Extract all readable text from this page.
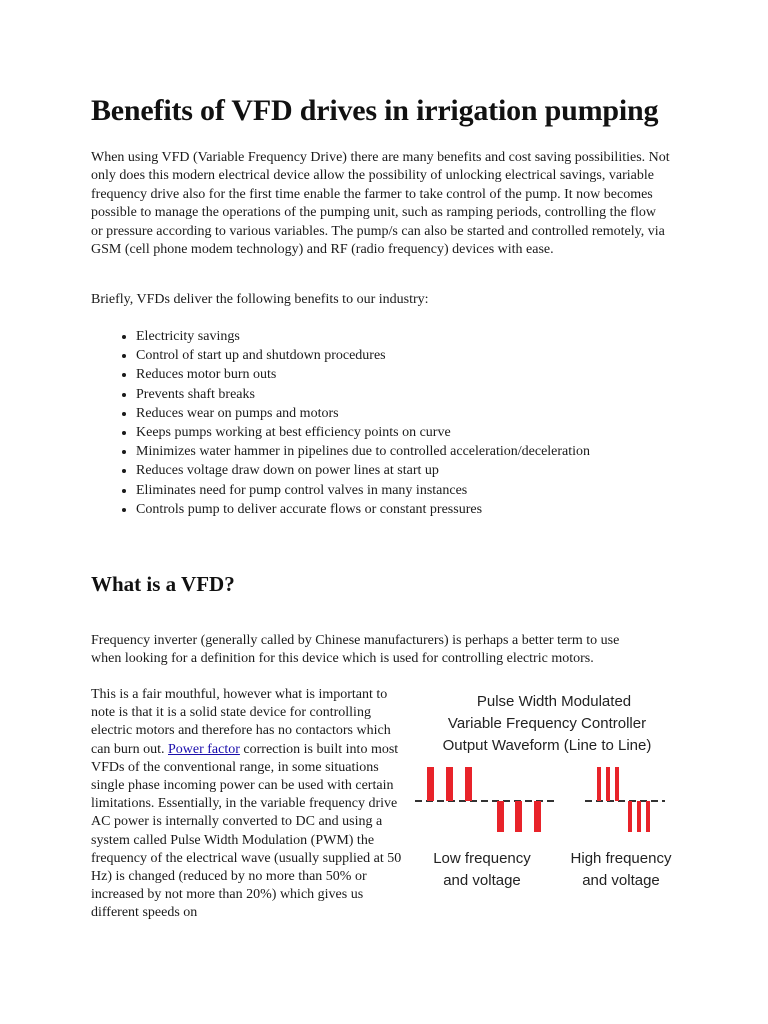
Benefits of VFD drives in irrigation pumping

When using VFD (Variable Frequency Drive) there are many benefits and cost saving possibilities. Not only does this modern electrical device allow the possibility of unlocking electrical savings, variable frequency drive also for the first time enable the farmer to take control of the pump. It now becomes possible to manage the operations of the pumping unit, such as ramping periods, controlling the flow or pressure according to various variables. The pump/s can also be started and controlled remotely, via GSM (cell phone modem technology) and RF (radio frequency) devices with ease.

Briefly, VFDs deliver the following benefits to our industry:

• Electricity savings
• Control of start up and shutdown procedures
• Reduces motor burn outs
• Prevents shaft breaks
• Reduces wear on pumps and motors
• Keeps pumps working at best efficiency points on curve
• Minimizes water hammer in pipelines due to controlled acceleration/deceleration
• Reduces voltage draw down on power lines at start up
• Eliminates need for pump control valves in many instances
• Controls pump to deliver accurate flows or constant pressures
What is a VFD?

Frequency inverter (generally called by Chinese manufacturers) is perhaps a better term to use when looking for a definition for this device which is used for controlling electric motors.

This is a fair mouthful, however what is important to note is that it is a solid state device for controlling electric motors and therefore has no contactors which can burn out. Power factor correction is built into most VFDs of the conventional range, in some situations single phase incoming power can be used with certain limitations. Essentially, in the variable frequency drive AC power is internally converted to DC and using a system called Pulse Width Modulation (PWM) the frequency of the electrical wave (usually supplied at 50 Hz) is changed (reduced by no more than 50% or increased by not more than 20%) which gives us different speeds on

Pulse Width Modulated
Variable Frequency Controller
Output Waveform (Line to Line)
Low frequency
and voltage
High frequency
and voltage
